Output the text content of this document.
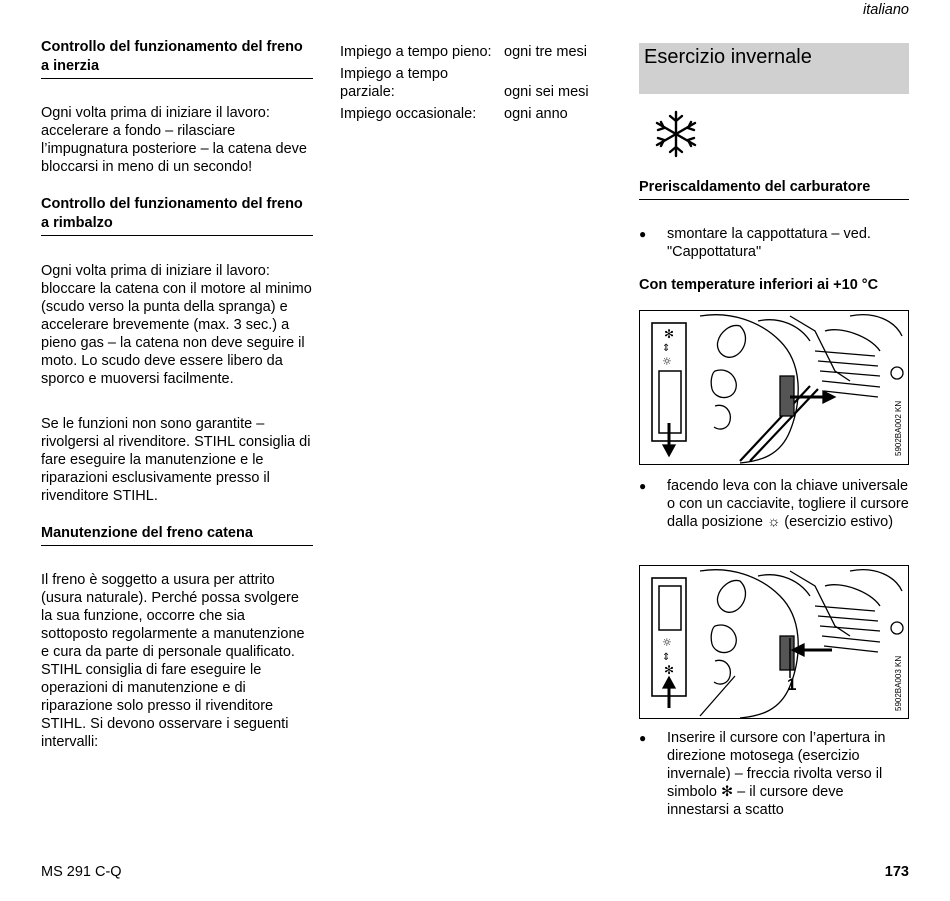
italiano
Controllo del funzionamento del freno a inerzia

Ogni volta prima di iniziare il lavoro: accelerare a fondo – rilasciare l’impugnatura posteriore – la catena deve bloccarsi in meno di un secondo!

Controllo del funzionamento del freno a rimbalzo

Ogni volta prima di iniziare il lavoro: bloccare la catena con il motore al minimo (scudo verso la punta della spranga) e accelerare brevemente (max. 3 sec.) a pieno gas – la catena non deve seguire il moto. Lo scudo deve essere libero da sporco e muoversi facilmente.

Se le funzioni non sono garantite – rivolgersi al rivenditore. STIHL consiglia di fare eseguire la manutenzione e le riparazioni esclusivamente presso il rivenditore STIHL.

Manutenzione del freno catena

Il freno è soggetto a usura per attrito (usura naturale). Perché possa svolgere la sua funzione, occorre che sia sottoposto regolarmente a manutenzione e cura da parte di personale qualificato. STIHL consiglia di fare eseguire le operazioni di manutenzione e di riparazione solo presso il rivenditore STIHL. Si devono osservare i seguenti intervalli:

Impiego a tempo pieno: ogni tre mesi
Impiego a tempo parziale:	ogni sei mesi
Impiego occasionale:	ogni anno
Esercizio invernale
Preriscaldamento del carburatore
●	smontare la cappottatura – ved. "Cappottatura"
Con temperature inferiori ai +10 °C
✻
⇕
☼
5902BA002 KN
●	facendo leva con la chiave universale o con un cacciavite, togliere il cursore dalla posizione ☼ (esercizio estivo)
☼
⇕
✻
1	5902BA003 KN
●	Inserire il cursore con l’apertura in direzione motosega (esercizio invernale) – freccia rivolta verso il simbolo ✻ – il cursore deve innestarsi a scatto
MS 291 C-Q	173
